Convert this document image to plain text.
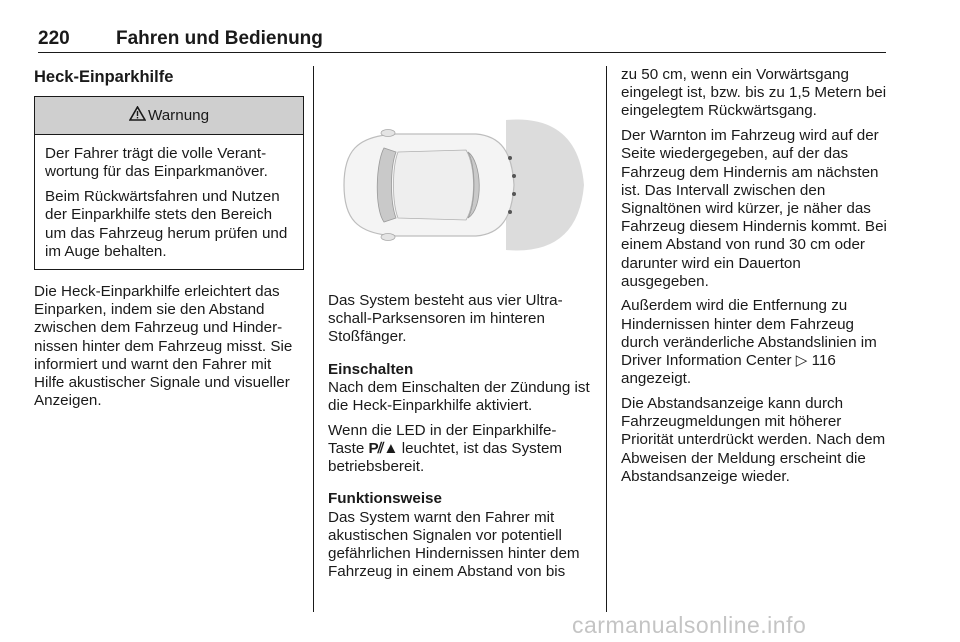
220 Fahren und Bedienung
Heck-Einparkhilfe
Warnung

Der Fahrer trägt die volle Verantwortung für das Einparkmanöver.

Beim Rückwärtsfahren und Nutzen der Einparkhilfe stets den Bereich um das Fahrzeug herum prüfen und im Auge behalten.

Die Heck-Einparkhilfe erleichtert das Einparken, indem sie den Abstand zwischen dem Fahrzeug und Hindernissen hinter dem Fahrzeug misst. Sie informiert und warnt den Fahrer mit Hilfe akustischer Signale und visueller Anzeigen.

Das System besteht aus vier Ultraschall-Parksensoren im hinteren Stoßfänger.

Einschalten

Nach dem Einschalten der Zündung ist die Heck-Einparkhilfe aktiviert.

Wenn die LED in der Einparkhilfe-Taste P⫽▲ leuchtet, ist das System betriebsbereit.

Funktionsweise

Das System warnt den Fahrer mit akustischen Signalen vor potentiell gefährlichen Hindernissen hinter dem Fahrzeug in einem Abstand von bis

zu 50 cm, wenn ein Vorwärtsgang eingelegt ist, bzw. bis zu 1,5 Metern bei eingelegtem Rückwärtsgang.

Der Warnton im Fahrzeug wird auf der Seite wiedergegeben, auf der das Fahrzeug dem Hindernis am nächsten ist. Das Intervall zwischen den Signaltönen wird kürzer, je näher das Fahrzeug diesem Hindernis kommt. Bei einem Abstand von rund 30 cm oder darunter wird ein Dauerton ausgegeben.

Außerdem wird die Entfernung zu Hindernissen hinter dem Fahrzeug durch veränderliche Abstandslinien im Driver Information Center ▷ 116 angezeigt.

Die Abstandsanzeige kann durch Fahrzeugmeldungen mit höherer Priorität unterdrückt werden. Nach dem Abweisen der Meldung erscheint die Abstandsanzeige wieder.

carmanualsonline.info
